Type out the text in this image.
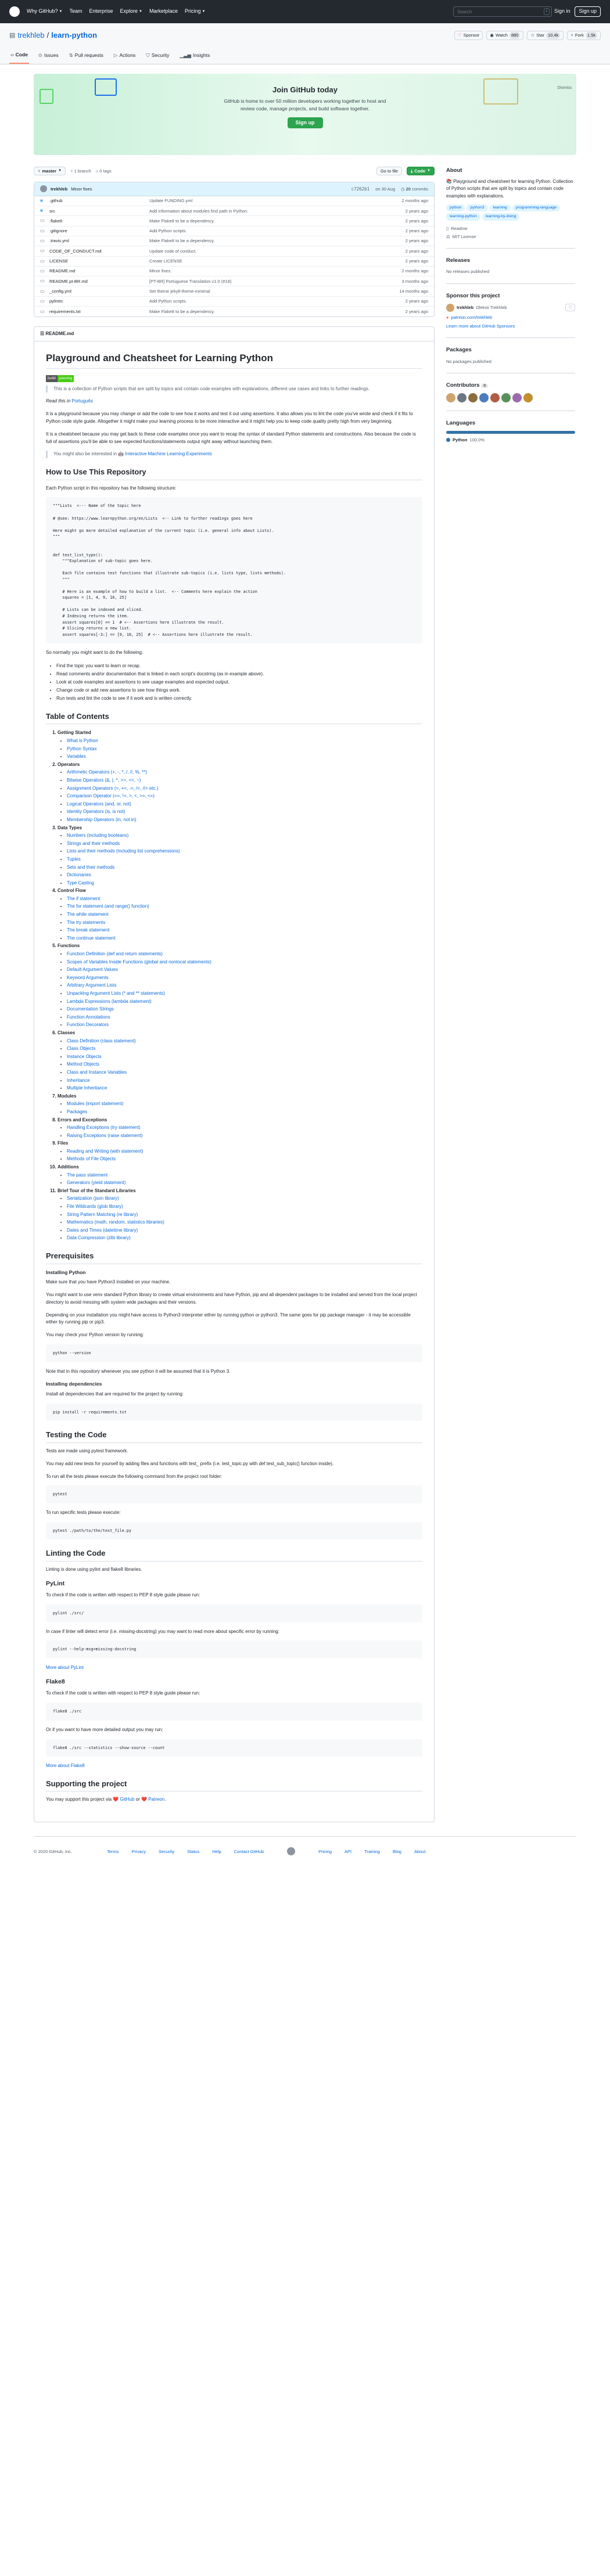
Why GitHub? ▼ Team Enterprise Explore ▼ Marketplace Pricing ▼
Search	/	Sign in	Sign up
▤ trekhleb / learn-python	♡ Sponsor ◉ Watch 880	☆ Star 10.4k	⑂ Fork 1.5k
‹› Code ⊙ Issues ⇅ Pull requests ▷ Actions ⛉ Security ▁▃▅ Insights
Dismiss
Join GitHub today

GitHub is home to over 50 million developers working together to host and review code, manage projects, and build software together.

Sign up
⑂ master ▼ ⑂ 1 branch ⌂ 0 tags	Go to file	⤓ Code ▼
trekhleb Minor fixes	c7262b1 on 30 Aug ◷ 20 commits
■	.github	Update FUNDING.yml	2 months ago
■	src	Add information about modules find path in Python.	2 years ago
▭	.flake8	Make Flake8 to be a dependency.	2 years ago
▭	.gitignore	Add Python scripts.	2 years ago
▭	.travis.yml	Make Flake8 to be a dependency.	2 years ago
▭	CODE_OF_CONDUCT.md	Update code of conduct.	2 years ago
▭	LICENSE	Create LICENSE	2 years ago
▭	README.md	Minor fixes.	2 months ago
▭	README.pt-BR.md	[PT-BR] Portuguese Translation v1.0 (#18)	3 months ago
▭	_config.yml	Set theme jekyll-theme-minimal	14 months ago
▭	pylintrc	Add Python scripts.	2 years ago
▭	requirements.txt	Make Flake8 to be a dependency.	2 years ago
☰ README.md
Playground and Cheatsheet for Learning Python
build passing
This is a collection of Python scripts that are split by topics and contain code examples with explanations, different use cases and links to further readings.

Read this in Português

It is a playground because you may change or add the code to see how it works and test it out using assertions. It also allows you to lint the code you've wrote and check if it fits to Python code style guide. Altogether it might make your learning process to be more interactive and it might help you to keep code quality pretty high from very beginning.

It is a cheatsheet because you may get back to these code examples once you want to recap the syntax of standard Python statements and constructions. Also because the code is full of assertions you'll be able to see expected functions/statements output right away without launching them.

You might also be interested in 🤖 Interactive Machine Learning Experiments
How to Use This Repository

Each Python script in this repository has the following structure:

"""Lists  <--- Name of the topic here

# @see: https://www.learnpython.org/en/Lists  <-- Link to further readings goes here

Here might go more detailed explanation of the current topic (i.e. general info about Lists).
"""

def test_list_type():
"""Explanation of sub-topic goes here.

Each file contains test functions that illustrate sub-topics (i.e. lists type, lists methods).
"""

# Here is an example of how to build a list.  <-- Comments here explain the action
squares = [1, 4, 9, 16, 25]

# Lists can be indexed and sliced.
# Indexing returns the item.
assert squares[0] == 1  # <-- Assertions here illustrate the result.
# Slicing returns a new list.
assert squares[-3:] == [9, 16, 25]  # <-- Assertions here illustrate the result.

So normally you might want to do the following:

• Find the topic you want to learn or recap.
• Read comments and/or documentation that is linked in each script's docstring (as in example above).
• Look at code examples and assertions to see usage examples and expected output.
• Change code or add new assertions to see how things work.
• Run tests and lint the code to see if it work and is written correctly.
Table of Contents
1. Getting Started
• What is Python
• Python Syntax
• Variables
2. Operators
• Arithmetic Operators (+, -, *, /, //, %, **)
• Bitwise Operators (&, |, ^, >>, <<, ~)
• Assignment Operators (=, +=, -=, /=, //= etc.)
• Comparison Operator (==, !=, >, <, >=, <=)
• Logical Operators (and, or, not)
• Identity Operators (is, is not)
• Membership Operators (in, not in)
3. Data Types
• Numbers (including booleans)
• Strings and their methods
• Lists and their methods (including list comprehensions)
• Tuples
• Sets and their methods
• Dictionaries
• Type Casting
4. Control Flow
• The if statement
• The for statement (and range() function)
• The while statement
• The try statements
• The break statement
• The continue statement
5. Functions
• Function Definition (def and return statements)
• Scopes of Variables Inside Functions (global and nonlocal statements)
• Default Argument Values
• Keyword Arguments
• Arbitrary Argument Lists
• Unpacking Argument Lists (* and ** statements)
• Lambda Expressions (lambda statement)
• Documentation Strings
• Function Annotations
• Function Decorators
6. Classes
• Class Definition (class statement)
• Class Objects
• Instance Objects
• Method Objects
• Class and Instance Variables
• Inheritance
• Multiple Inheritance
7. Modules
• Modules (import statement)
• Packages
8. Errors and Exceptions
• Handling Exceptions (try statement)
• Raising Exceptions (raise statement)
9. Files
• Reading and Writing (with statement)
• Methods of File Objects
10. Additions
• The pass statement
• Generators (yield statement)
11. Brief Tour of the Standard Libraries
• Serialization (json library)
• File Wildcards (glob library)
• String Pattern Matching (re library)
• Mathematics (math, random, statistics libraries)
• Dates and Times (datetime library)
• Data Compression (zlib library)
Prerequisites
Installing Python

Make sure that you have Python3 installed on your machine.

You might want to use venv standard Python library to create virtual environments and have Python, pip and all dependent packages to be installed and served from the local project directory to avoid messing with system wide packages and their versions.

Depending on your installation you might have access to Python3 interpreter either by running python or python3. The same goes for pip package manager - it may be accessible either by running pip or pip3.

You may check your Python version by running:

python --version

Note that in this repository whenever you see python it will be assumed that it is Python 3.

Installing dependencies

Install all dependencies that are required for the project by running:

pip install -r requirements.txt
Testing the Code

Tests are made using pytest framework.

You may add new tests for yourself by adding files and functions with test_ prefix (i.e. test_topic.py with def test_sub_topic() function inside).

To run all the tests please execute the following command from the project root folder:

pytest

To run specific tests please execute:

pytest ./path/to/the/test_file.py
Linting the Code

Linting is done using pylint and flake8 libraries.

PyLint

To check if the code is written with respect to PEP 8 style guide please run:

pylint ./src/

In case if linter will detect error (i.e. missing-docstring) you may want to read more about specific error by running:

pylint --help-msg=missing-docstring

More about PyLint

Flake8

To check if the code is written with respect to PEP 8 style guide please run:

flake8 ./src

Or if you want to have more detailed output you may run:

flake8 ./src --statistics --show-source --count

More about Flake8

Supporting the project

You may support this project via ❤️ GitHub or ❤️ Patreon.

About

📚 Playground and cheatsheet for learning Python. Collection of Python scripts that are split by topics and contain code examples with explanations.

python	python3	learning	programming-language
learning-python	learning-by-doing
▯ Readme
⚖ MIT License
Releases
No releases published
Sponsor this project
trekhleb Oleksii Trekhleb	♡
● patreon.com/trekhleb
Learn more about GitHub Sponsors
Packages
No packages published
Contributors 9
Languages
Python 100.0%
© 2020 GitHub, Inc.	Terms	Privacy	Security	Status	Help	Contact GitHub	Pricing	API	Training	Blog	About
